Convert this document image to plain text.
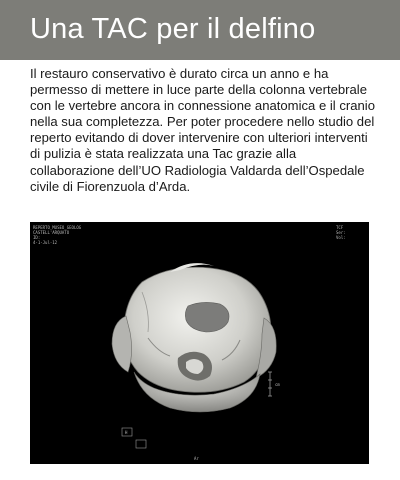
Una TAC per il delfino

Il restauro conservativo è durato circa un anno e ha permesso di mettere in luce parte della colonna vertebrale con le vertebre ancora in connessione anatomica e il cranio nella sua completezza. Per poter procedere nello studio del reperto evitando di dover intervenire con ulteriori interventi di pulizia è stata realizzata una Tac grazie alla collaborazione dell’UO Radiologia Valdarda dell’Ospedale civile di Fiorenzuola d’Arda.

REPERTO_MUSEO_GEOLOG
CASTELL'ARQUATO
ID:
4-1-Jul-12
TCF
Ser:
Vol:
cm
H
Ar
